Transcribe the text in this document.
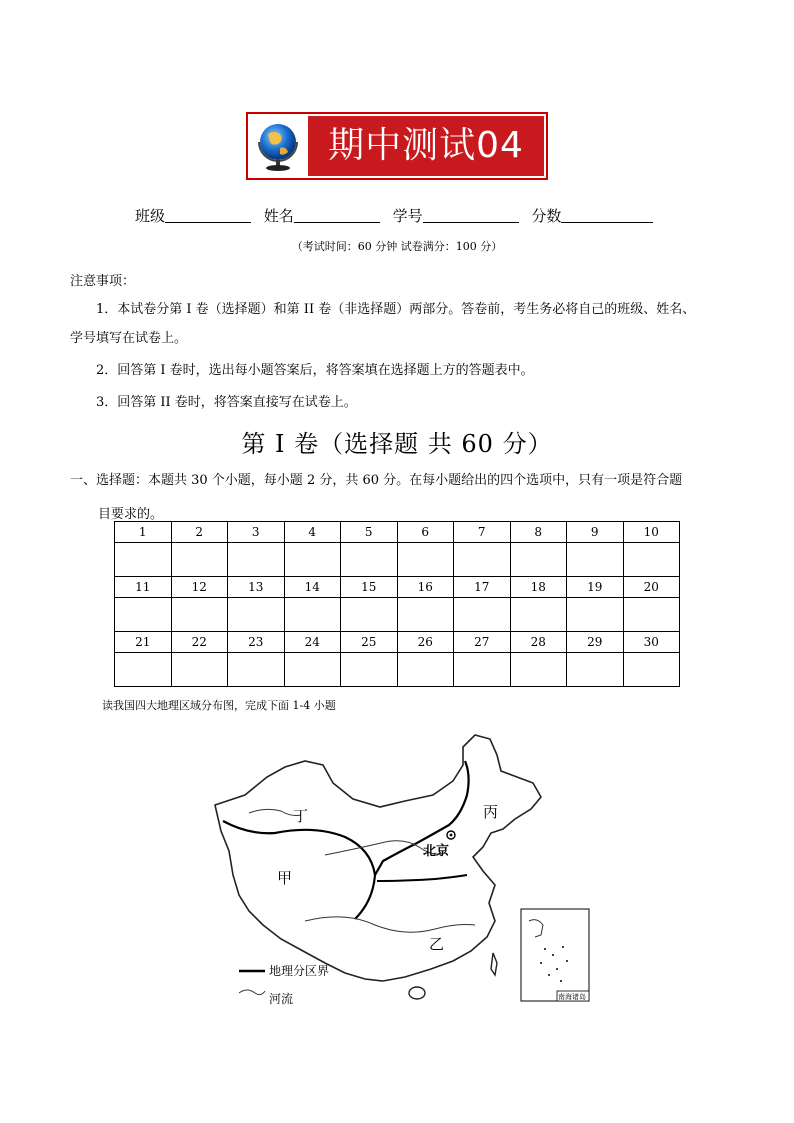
期中测试04
班级	姓名	学号	分数
（考试时间：60 分钟 试卷满分：100 分）
注意事项：
1．本试卷分第 I 卷（选择题）和第 II 卷（非选择题）两部分。答卷前，考生务必将自己的班级、姓名、
学号填写在试卷上。
2．回答第 I 卷时，选出每小题答案后，将答案填在选择题上方的答题表中。
3．回答第 II 卷时，将答案直接写在试卷上。
第 I 卷（选择题 共 60 分）
一、选择题：本题共 30 个小题，每小题 2 分，共 60 分。在每小题给出的四个选项中，只有一项是符合题
目要求的。
1	2	3	4	5	6	7	8	9	10

11	12	13	14	15	16	17	18	19	20

21	22	23	24	25	26	27	28	29	30

读我国四大地理区域分布图，完成下面 1-4 小题
丁	丙
甲
乙
北京
地理分区界
河流	南海诸岛
